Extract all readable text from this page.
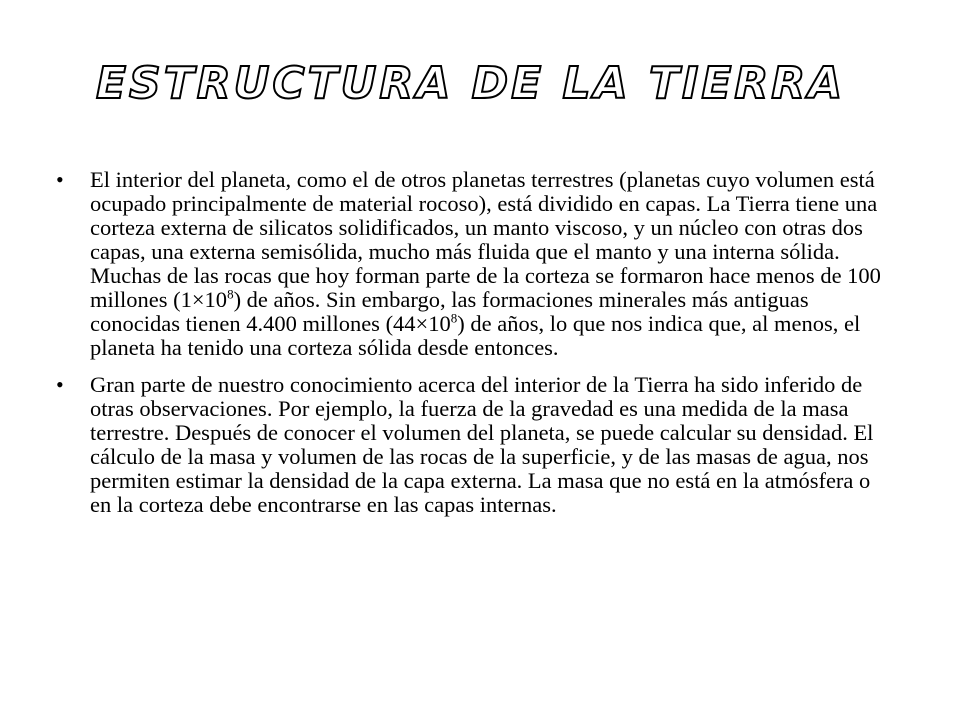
ESTRUCTURA DE LA TIERRA
• El interior del planeta, como el de otros planetas terrestres (planetas cuyo volumen está ocupado principalmente de material rocoso), está dividido en capas. La Tierra tiene una corteza externa de silicatos solidificados, un manto viscoso, y un núcleo con otras dos capas, una externa semisólida, mucho más fluida que el manto y una interna sólida. Muchas de las rocas que hoy forman parte de la corteza se formaron hace menos de 100 millones $(1\times 10^8)$ de años. Sin embargo, las formaciones minerales más antiguas conocidas tienen 4.400 millones $(44\times 10^8)$ de años, lo que nos indica que, al menos, el planeta ha tenido una corteza sólida desde entonces.
• Gran parte de nuestro conocimiento acerca del interior de la Tierra ha sido inferido de otras observaciones. Por ejemplo, la fuerza de la gravedad es una medida de la masa terrestre. Después de conocer el volumen del planeta, se puede calcular su densidad. El cálculo de la masa y volumen de las rocas de la superficie, y de las masas de agua, nos permiten estimar la densidad de la capa externa. La masa que no está en la atmósfera o en la corteza debe encontrarse en las capas internas.
